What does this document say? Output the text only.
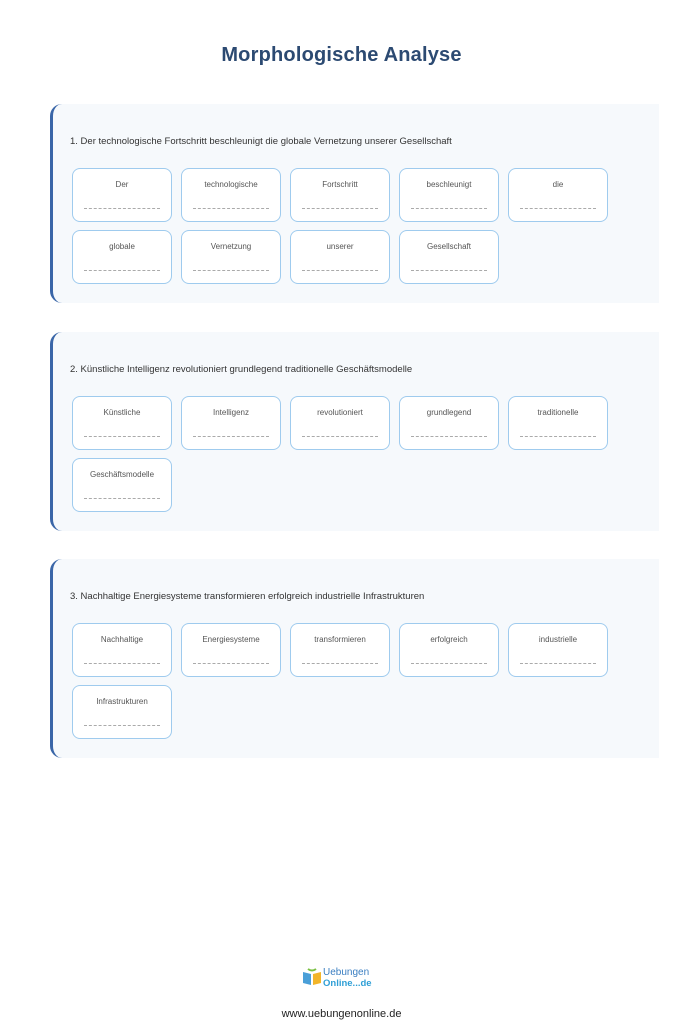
Morphologische Analyse
1. Der technologische Fortschritt beschleunigt die globale Vernetzung unserer Gesellschaft
Der	technologische	Fortschritt	beschleunigt	die
globale	Vernetzung	unserer	Gesellschaft
2. Künstliche Intelligenz revolutioniert grundlegend traditionelle Geschäftsmodelle
Künstliche	Intelligenz	revolutioniert	grundlegend	traditionelle
Geschäftsmodelle
3. Nachhaltige Energiesysteme transformieren erfolgreich industrielle Infrastrukturen
Nachhaltige	Energiesysteme	transformieren	erfolgreich	industrielle
Infrastrukturen
Uebungen
Online...de
www.uebungenonline.de
